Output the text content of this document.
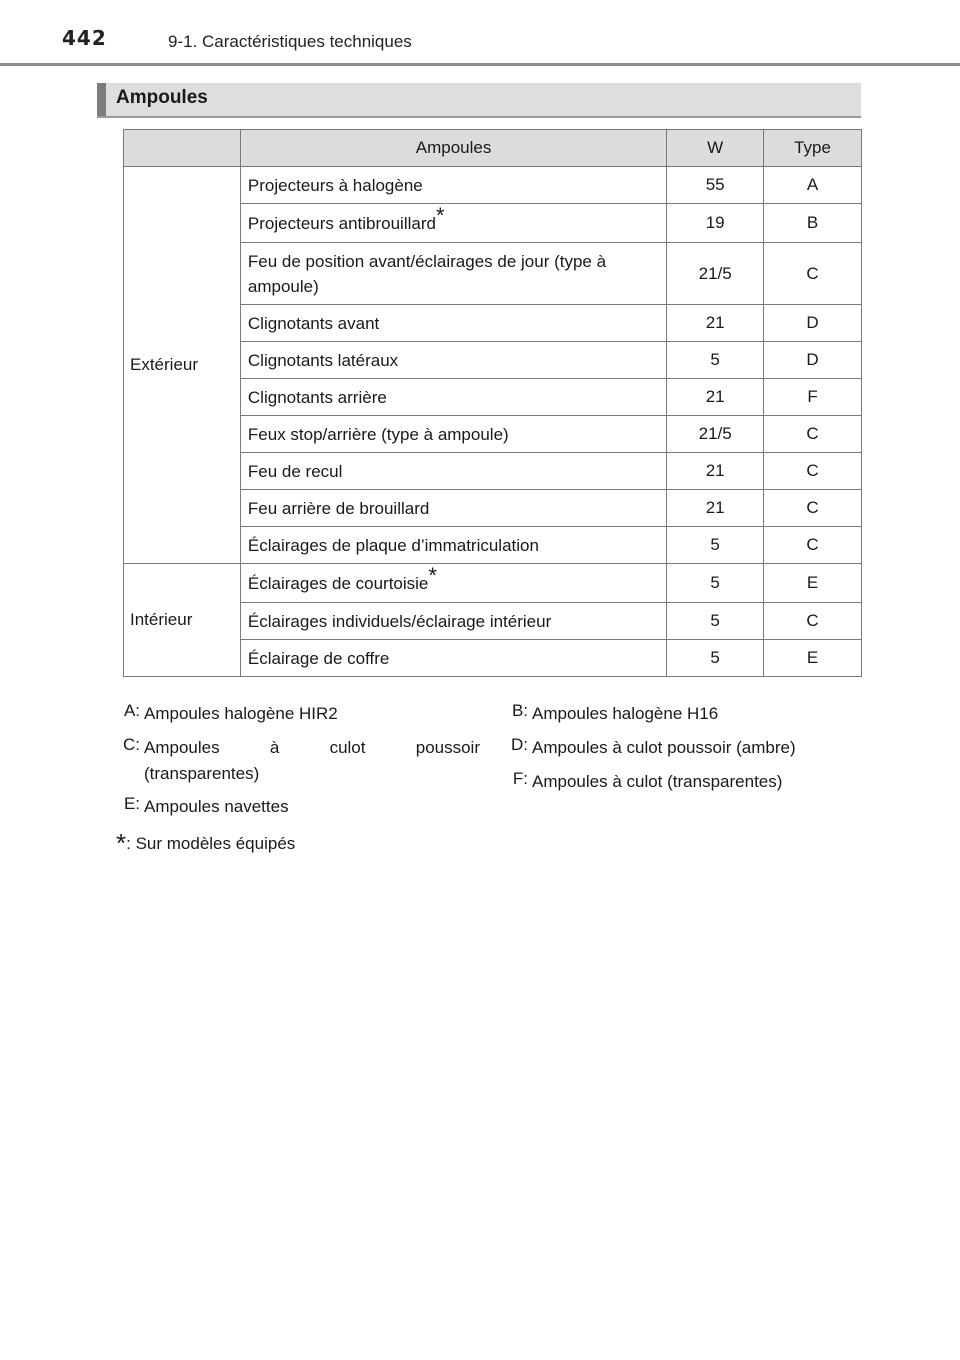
442	9-1. Caractéristiques techniques
Ampoules
	Ampoules	W	Type
Extérieur	Projecteurs à halogène	55	A
	Projecteurs antibrouillard*	19	B
	Feu de position avant/éclairages de jour (type à ampoule)	21/5	C
	Clignotants avant	21	D
	Clignotants latéraux	5	D
	Clignotants arrière	21	F
	Feux stop/arrière (type à ampoule)	21/5	C
	Feu de recul	21	C
	Feu arrière de brouillard	21	C
	Éclairages de plaque d’immatriculation	5	C
Intérieur	Éclairages de courtoisie*	5	E
	Éclairages individuels/éclairage intérieur	5	C
	Éclairage de coffre	5	E
A: Ampoules halogène HIR2	B: Ampoules halogène H16
C: Ampoules à culot poussoir
(transparentes)
D: Ampoules à culot poussoir (ambre)
F: Ampoules à culot (transparentes)
E: Ampoules navettes
*: Sur modèles équipés
